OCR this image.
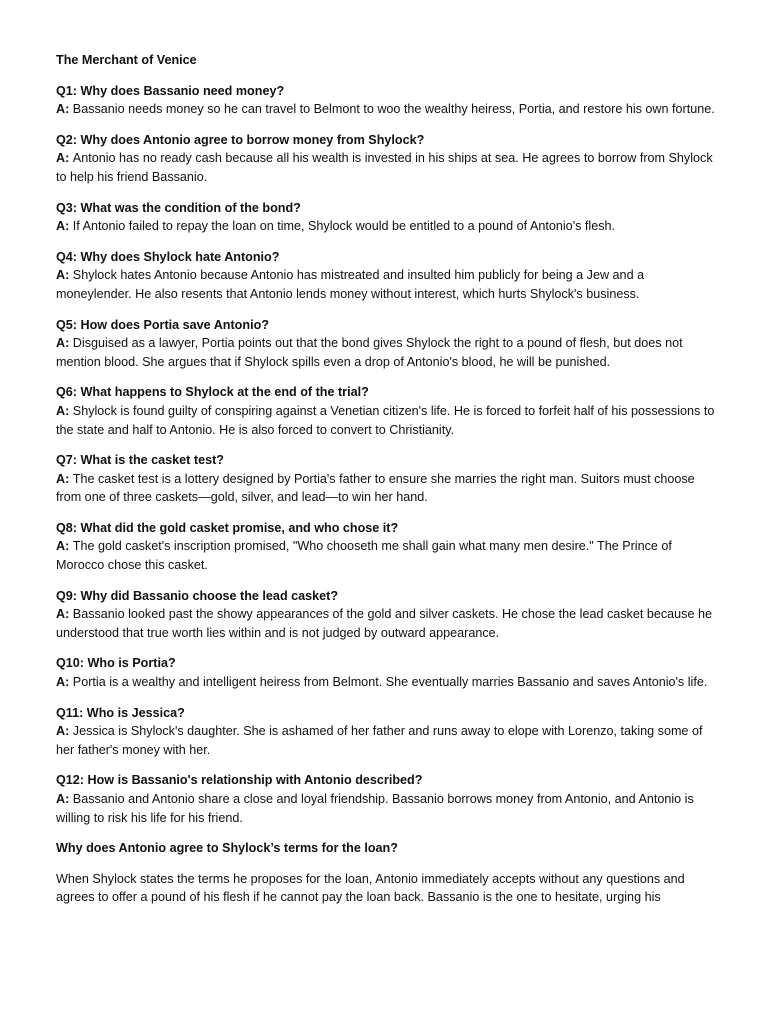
The Merchant of Venice
Q1: Why does Bassanio need money?
A: Bassanio needs money so he can travel to Belmont to woo the wealthy heiress, Portia, and restore his own fortune.
Q2: Why does Antonio agree to borrow money from Shylock?
A: Antonio has no ready cash because all his wealth is invested in his ships at sea. He agrees to borrow from Shylock to help his friend Bassanio.
Q3: What was the condition of the bond?
A: If Antonio failed to repay the loan on time, Shylock would be entitled to a pound of Antonio's flesh.
Q4: Why does Shylock hate Antonio?
A: Shylock hates Antonio because Antonio has mistreated and insulted him publicly for being a Jew and a moneylender. He also resents that Antonio lends money without interest, which hurts Shylock's business.
Q5: How does Portia save Antonio?
A: Disguised as a lawyer, Portia points out that the bond gives Shylock the right to a pound of flesh, but does not mention blood. She argues that if Shylock spills even a drop of Antonio's blood, he will be punished.
Q6: What happens to Shylock at the end of the trial?
A: Shylock is found guilty of conspiring against a Venetian citizen's life. He is forced to forfeit half of his possessions to the state and half to Antonio. He is also forced to convert to Christianity.
Q7: What is the casket test?
A: The casket test is a lottery designed by Portia's father to ensure she marries the right man. Suitors must choose from one of three caskets—gold, silver, and lead—to win her hand.
Q8: What did the gold casket promise, and who chose it?
A: The gold casket's inscription promised, "Who chooseth me shall gain what many men desire." The Prince of Morocco chose this casket.
Q9: Why did Bassanio choose the lead casket?
A: Bassanio looked past the showy appearances of the gold and silver caskets. He chose the lead casket because he understood that true worth lies within and is not judged by outward appearance.
Q10: Who is Portia?
A: Portia is a wealthy and intelligent heiress from Belmont. She eventually marries Bassanio and saves Antonio's life.
Q11: Who is Jessica?
A: Jessica is Shylock's daughter. She is ashamed of her father and runs away to elope with Lorenzo, taking some of her father's money with her.
Q12: How is Bassanio's relationship with Antonio described?
A: Bassanio and Antonio share a close and loyal friendship. Bassanio borrows money from Antonio, and Antonio is willing to risk his life for his friend.
Why does Antonio agree to Shylock’s terms for the loan?
When Shylock states the terms he proposes for the loan, Antonio immediately accepts without any questions and agrees to offer a pound of his flesh if he cannot pay the loan back. Bassanio is the one to hesitate, urging his
